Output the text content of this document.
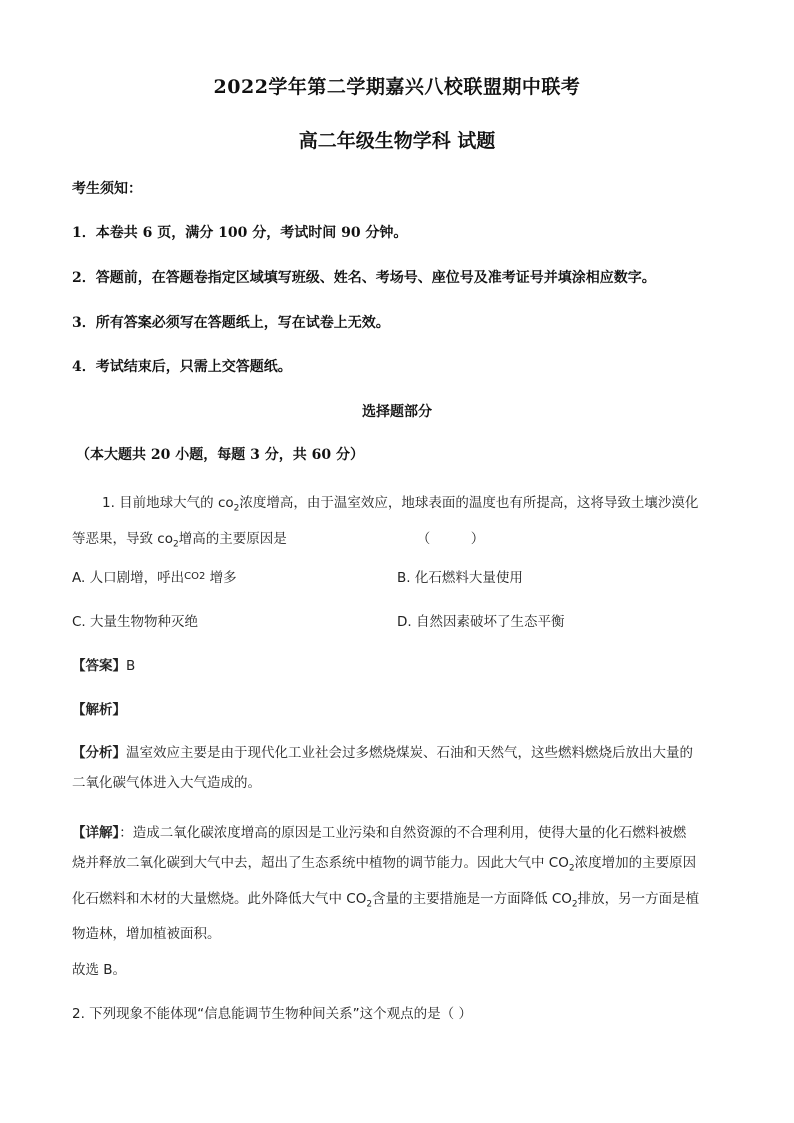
2022学年第二学期嘉兴八校联盟期中联考
高二年级生物学科 试题
考生须知：
1．本卷共 6 页，满分 100 分，考试时间 90 分钟。
2．答题前，在答题卷指定区域填写班级、姓名、考场号、座位号及准考证号并填涂相应数字。
3．所有答案必须写在答题纸上，写在试卷上无效。
4．考试结束后，只需上交答题纸。
选择题部分
（本大题共 20 小题，每题 3 分，共 60 分）
1. 目前地球大气的 $co_2$浓度增高，由于温室效应，地球表面的温度也有所提高，这将导致土壤沙漠化
等恶果，导致 $co_2$增高的主要原因是	（　　　）
A. 人口剧增，呼出$^{CO2}$ 增多	B. 化石燃料大量使用
C. 大量生物物种灭绝	D. 自然因素破坏了生态平衡
【答案】B
【解析】
【分析】温室效应主要是由于现代化工业社会过多燃烧煤炭、石油和天然气，这些燃料燃烧后放出大量的
二氧化碳气体进入大气造成的。
【详解】：造成二氧化碳浓度增高的原因是工业污染和自然资源的不合理利用，使得大量的化石燃料被燃
烧并释放二氧化碳到大气中去，超出了生态系统中植物的调节能力。因此大气中 $CO_2$浓度增加的主要原因
化石燃料和木材的大量燃烧。此外降低大气中 $CO_2$含量的主要措施是一方面降低 $CO_2$排放，另一方面是植
物造林，增加植被面积。
故选 B。
2. 下列现象不能体现“信息能调节生物种间关系”这个观点的是（ ）
